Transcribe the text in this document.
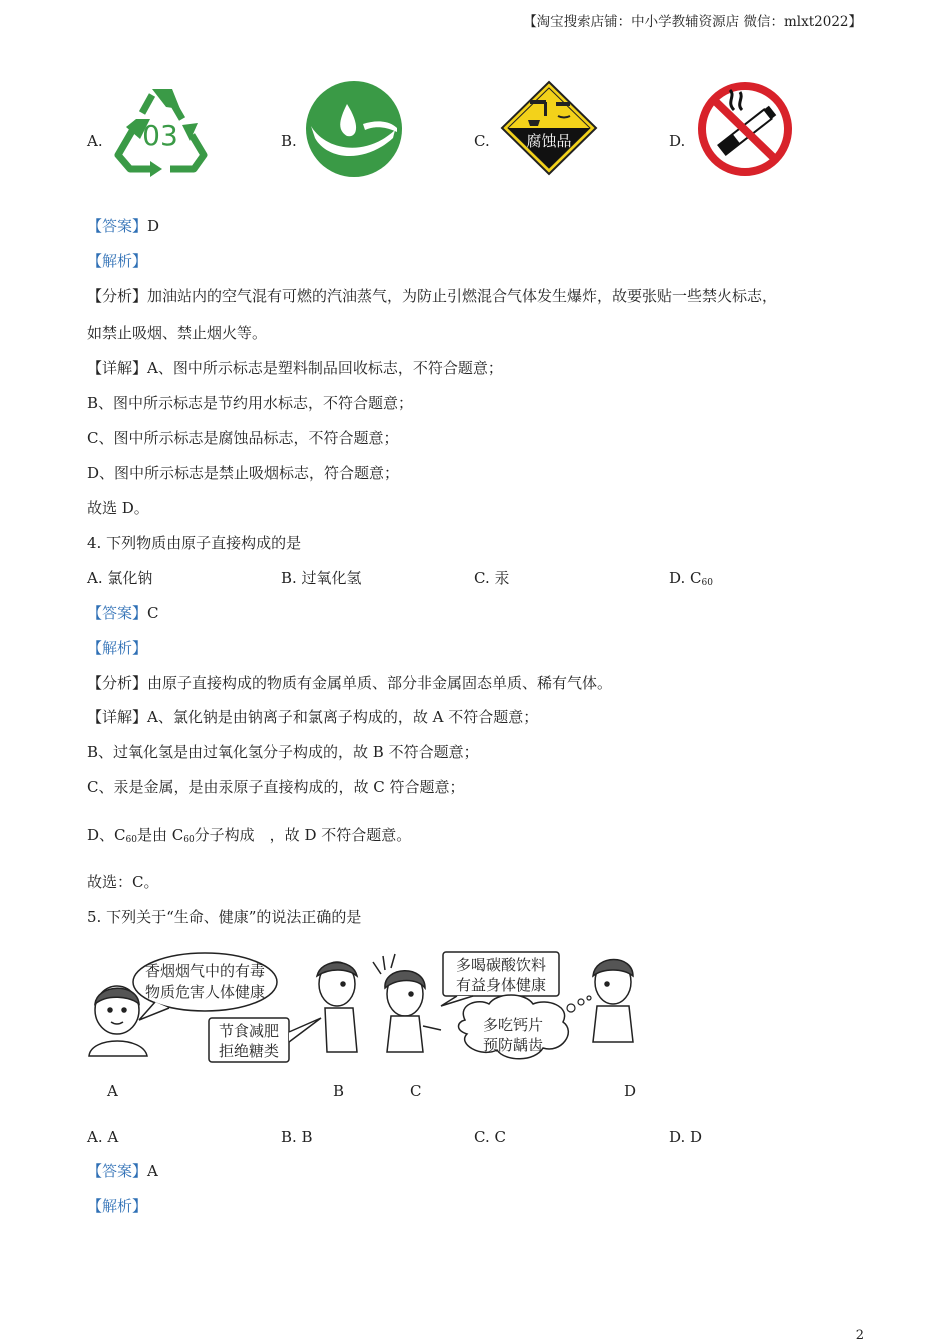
【淘宝搜索店铺：中小学教辅资源店 微信：mlxt2022】
A. 03	B.	C. 腐蚀品	D.
【答案】D
【解析】
【分析】加油站内的空气混有可燃的汽油蒸气，为防止引燃混合气体发生爆炸，故要张贴一些禁火标志，
如禁止吸烟、禁止烟火等。
【详解】A、图中所示标志是塑料制品回收标志，不符合题意；
B、图中所示标志是节约用水标志，不符合题意；
C、图中所示标志是腐蚀品标志，不符合题意；
D、图中所示标志是禁止吸烟标志，符合题意；
故选 D。
4. 下列物质由原子直接构成的是
A. 氯化钠	B. 过氧化氢	C. 汞	D. $C_{60}$
【答案】C
【解析】
【分析】由原子直接构成的物质有金属单质、部分非金属固态单质、稀有气体。
【详解】A、氯化钠是由钠离子和氯离子构成的，故 A 不符合题意；
B、过氧化氢是由过氧化氢分子构成的，故 B 不符合题意；
C、汞是金属，是由汞原子直接构成的，故 C 符合题意；
D、$C_{60}$是由 $C_{60}$分子构成　，故 D 不符合题意。
故选：C。
5. 下列关于“生命、健康”的说法正确的是
香烟烟气中的有毒
物质危害人体健康
节食减肥
拒绝糖类
多喝碳酸饮料
有益身体健康
多吃钙片
预防龋齿
A	B	C	D
A. A	B. B	C. C	D. D
【答案】A
【解析】
2
